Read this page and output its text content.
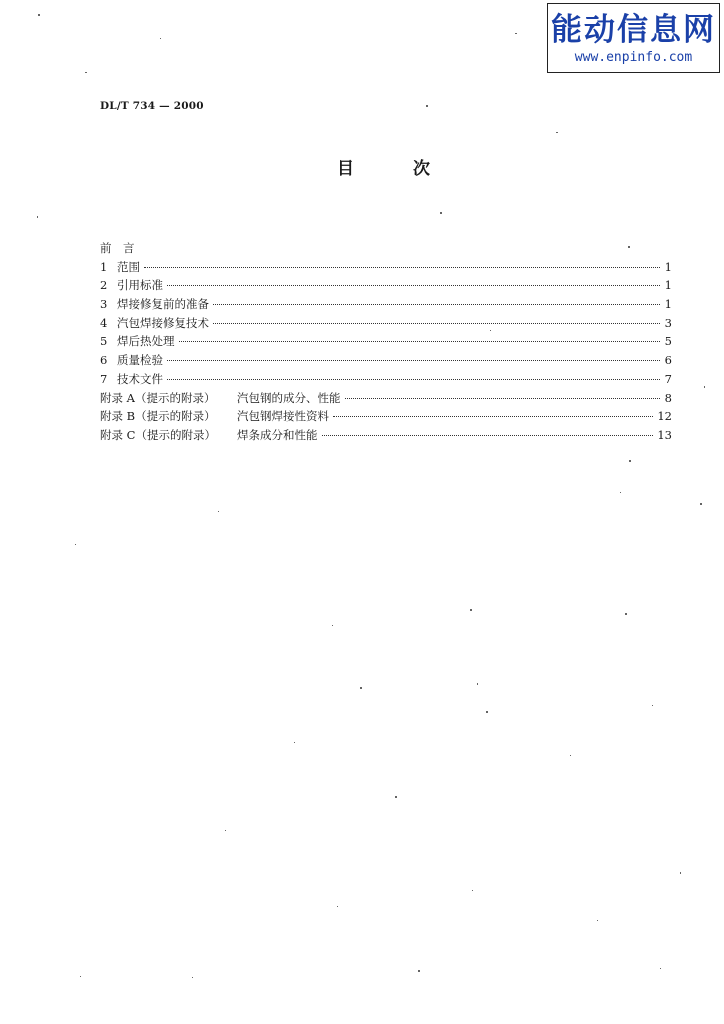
能动信息网
www.enpinfo.com
DL/T 734 — 2000
目	次
前　言
1 范围	1
2 引用标准	1
3 焊接修复前的准备	1
4 汽包焊接修复技术	3
5 焊后热处理	5
6 质量检验	6
7 技术文件	7
附录 A（提示的附录）	汽包钢的成分、性能	8
附录 B（提示的附录）	汽包钢焊接性资料	12
附录 C（提示的附录）	焊条成分和性能	13
